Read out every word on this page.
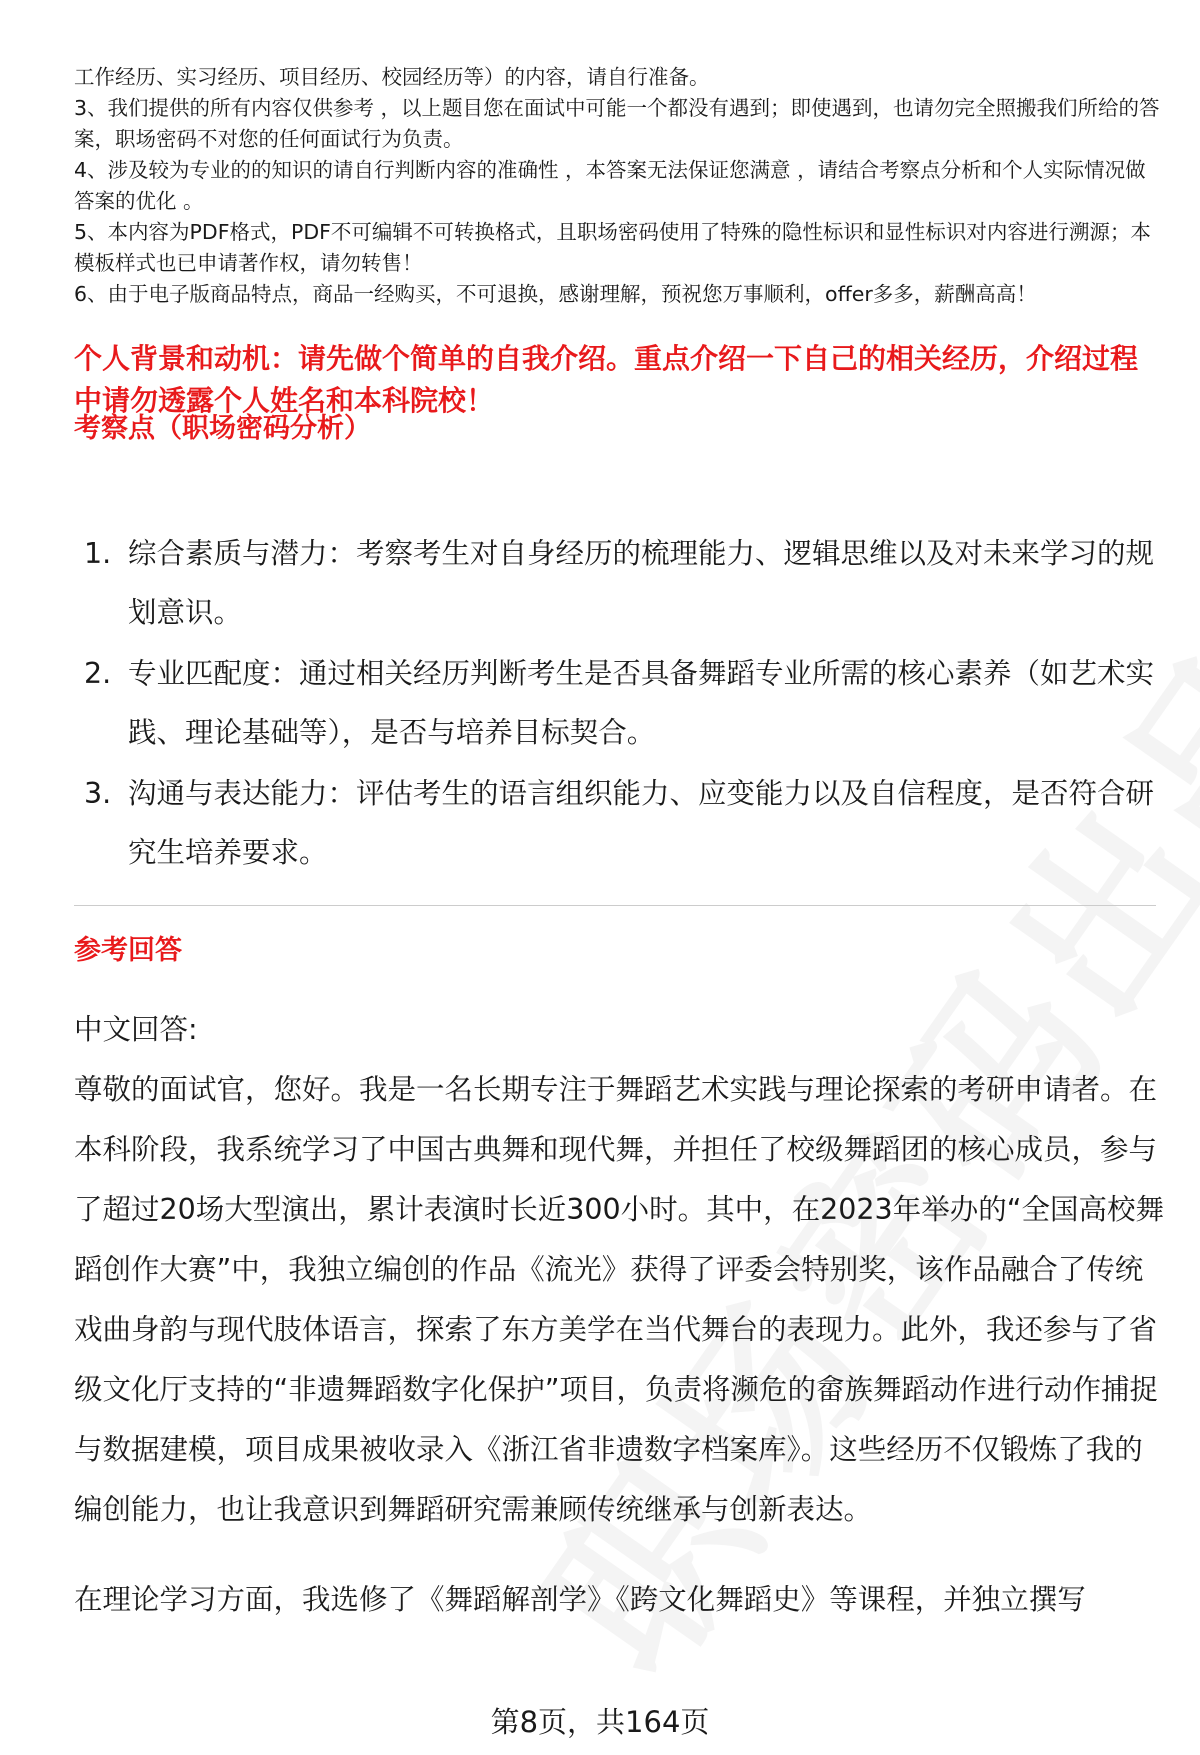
工作经历、实习经历、项目经历、校园经历等）的内容，请自行准备。

3、我们提供的所有内容仅供参考 ，以上题目您在面试中可能一个都没有遇到；即使遇到，也请勿完全照搬我们所给的答案，职场密码不对您的任何面试行为负责。

4、涉及较为专业的的知识的请自行判断内容的准确性 ，本答案无法保证您满意 ，请结合考察点分析和个人实际情况做答案的优化 。

5、本内容为PDF格式，PDF不可编辑不可转换格式，且职场密码使用了特殊的隐性标识和显性标识对内容进行溯源；本模板样式也已申请著作权，请勿转售！

6、由于电子版商品特点，商品一经购买，不可退换，感谢理解，预祝您万事顺利，offer多多，薪酬高高！

个人背景和动机：请先做个简单的自我介绍。重点介绍一下自己的相关经历，介绍过程中请勿透露个人姓名和本科院校！

考察点（职场密码分析）

1. 综合素质与潜力：考察考生对自身经历的梳理能力、逻辑思维以及对未来学习的规划意识。
2. 专业匹配度：通过相关经历判断考生是否具备舞蹈专业所需的核心素养（如艺术实践、理论基础等），是否与培养目标契合。
3. 沟通与表达能力：评估考生的语言组织能力、应变能力以及自信程度，是否符合研究生培养要求。

参考回答

中文回答:

尊敬的面试官，您好。我是一名长期专注于舞蹈艺术实践与理论探索的考研申请者。在本科阶段，我系统学习了中国古典舞和现代舞，并担任了校级舞蹈团的核心成员，参与了超过20场大型演出，累计表演时长近300小时。其中，在2023年举办的“全国高校舞蹈创作大赛”中，我独立编创的作品《流光》获得了评委会特别奖，该作品融合了传统戏曲身韵与现代肢体语言，探索了东方美学在当代舞台的表现力。此外，我还参与了省级文化厅支持的“非遗舞蹈数字化保护”项目，负责将濒危的畲族舞蹈动作进行动作捕捉与数据建模，项目成果被收录入《浙江省非遗数字档案库》。这些经历不仅锻炼了我的编创能力，也让我意识到舞蹈研究需兼顾传统继承与创新表达。

在理论学习方面，我选修了《舞蹈解剖学》《跨文化舞蹈史》等课程，并独立撰写

第8页，共164页
